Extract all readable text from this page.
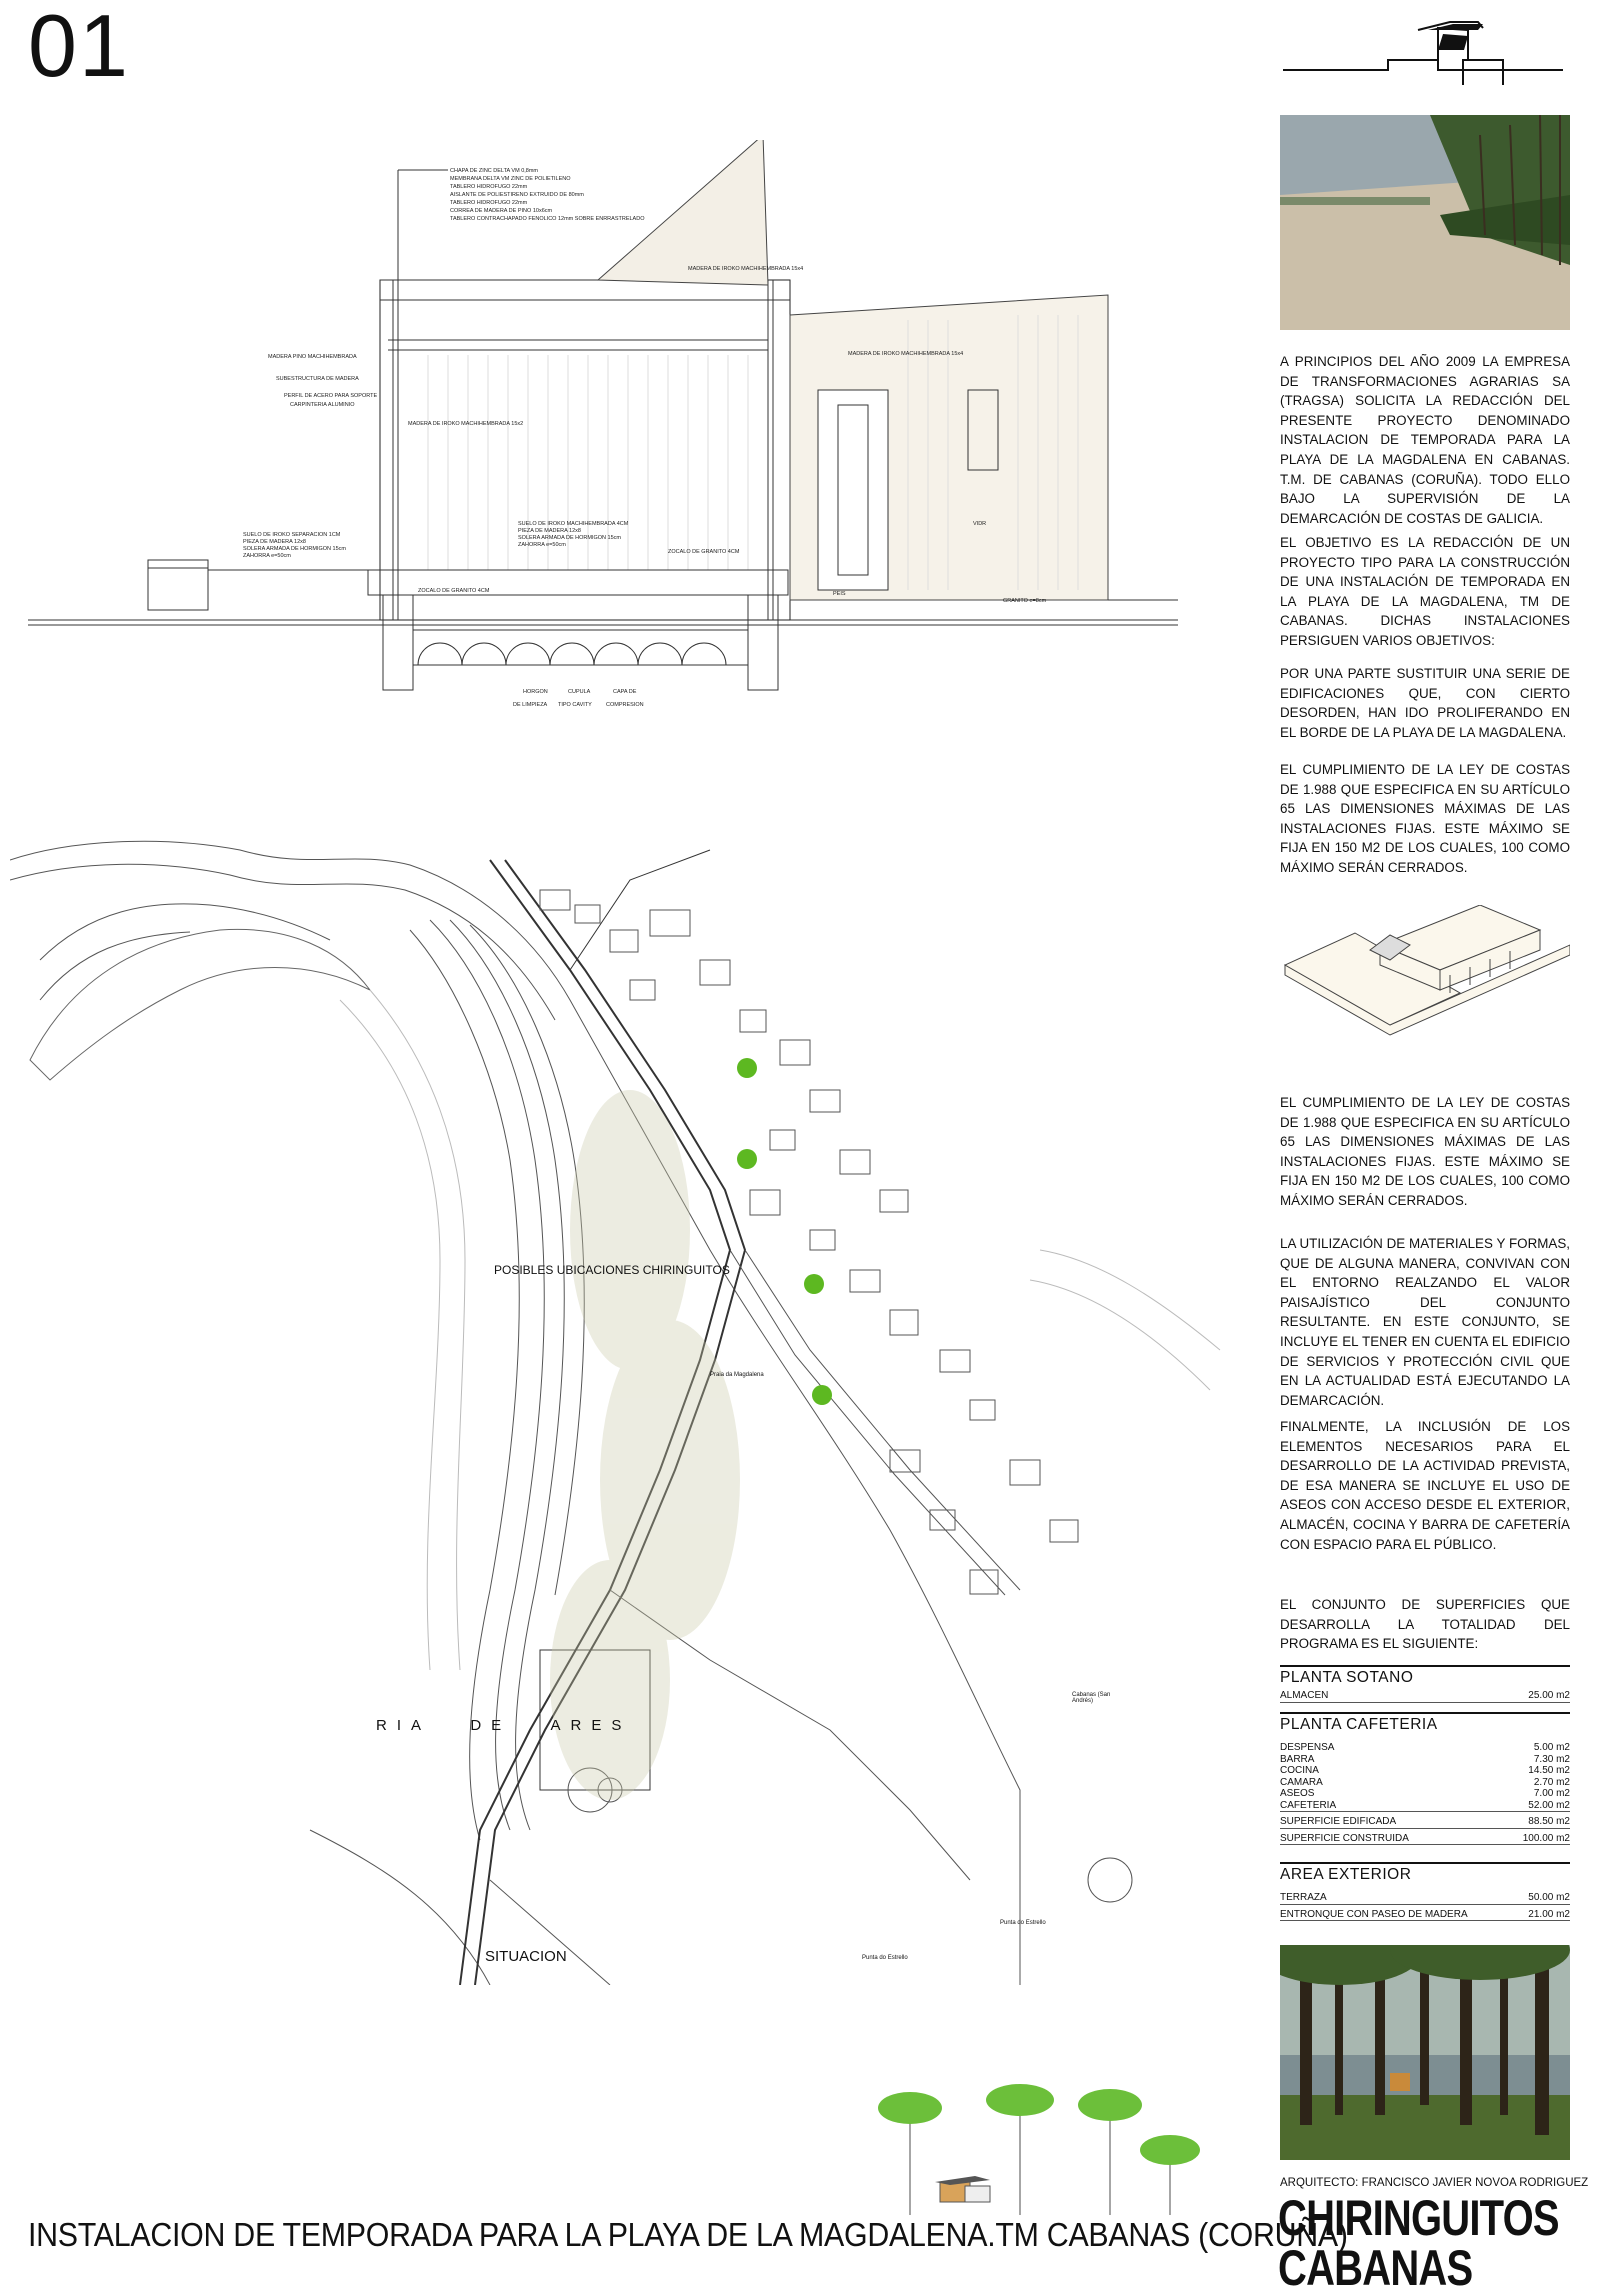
01
CHAPA DE ZINC DELTA VM 0,8mm
MEMBRANA DELTA VM ZINC DE POLIETILENO
TABLERO HIDROFUGO 22mm
AISLANTE DE POLIESTIRENO EXTRUIDO DE 80mm
TABLERO HIDROFUGO 22mm
CORREA DE MADERA DE PINO 10x6cm
TABLERO CONTRACHAPADO FENOLICO 12mm SOBRE ENRRASTRELADO
MADERA DE IROKO MACHIHEMBRADA 15x4
MADERA DE IROKO MACHIHEMBRADA 15x4
MADERA PINO MACHIHEMBRADA
SUBESTRUCTURA DE MADERA
PERFIL DE ACERO PARA SOPORTE
CARPINTERIA ALUMINIO
MADERA DE IROKO MACHIHEMBRADA 15x2
SUELO DE IROKO SEPARACION 1CM
PIEZA DE MADERA 12x8
SOLERA ARMADA DE HORMIGON 15cm
ZAHORRA e=50cm
SUELO DE IROKO MACHIHEMBRADA 4CM
PIEZA DE MADERA 12x8
SOLERA ARMADA DE HORMIGON 15cm
ZAHORRA e=50cm
ZOCALO DE GRANITO 4CM
ZOCALO DE GRANITO 4CM
VIDR
PEIS
GRANITO e=8cm
HORGON
DE LIMPIEZA
CUPULA
TIPO CAVITY
CAPA DE
COMPRESION
POSIBLES UBICACIONES CHIRINGUITOS
RIA DE ARES
SITUACION
Praia da Magdalena
Cabanas (San Andrés)
Punta do Estrello
Punta do Estrello
A PRINCIPIOS DEL AÑO 2009 LA EMPRESA DE TRANSFORMACIONES AGRARIAS SA (TRAGSA) SOLICITA LA REDACCIÓN DEL PRESENTE PROYECTO DENOMINADO INSTALACION DE TEMPORADA PARA LA PLAYA DE LA MAGDALENA EN CABANAS. T.M. DE CABANAS (CORUÑA). TODO ELLO BAJO LA SUPERVISIÓN DE LA DEMARCACIÓN DE COSTAS DE GALICIA.
EL OBJETIVO ES LA REDACCIÓN DE UN PROYECTO TIPO PARA LA CONSTRUCCIÓN DE UNA INSTALACIÓN DE TEMPORADA EN LA PLAYA DE LA MAGDALENA, TM DE CABANAS. DICHAS INSTALACIONES PERSIGUEN VARIOS OBJETIVOS:
POR UNA PARTE SUSTITUIR UNA SERIE DE EDIFICACIONES QUE, CON CIERTO DESORDEN, HAN IDO PROLIFERANDO EN EL BORDE DE LA PLAYA DE LA MAGDALENA.
EL CUMPLIMIENTO DE LA LEY DE COSTAS DE 1.988 QUE ESPECIFICA EN SU ARTÍCULO 65 LAS DIMENSIONES MÁXIMAS DE LAS INSTALACIONES FIJAS. ESTE MÁXIMO SE FIJA EN 150 M2 DE LOS CUALES, 100 COMO MÁXIMO SERÁN CERRADOS.
EL CUMPLIMIENTO DE LA LEY DE COSTAS DE 1.988 QUE ESPECIFICA EN SU ARTÍCULO 65 LAS DIMENSIONES MÁXIMAS DE LAS INSTALACIONES FIJAS. ESTE MÁXIMO SE FIJA EN 150 M2 DE LOS CUALES, 100 COMO MÁXIMO SERÁN CERRADOS.
LA UTILIZACIÓN DE MATERIALES Y FORMAS, QUE DE ALGUNA MANERA, CONVIVAN CON EL ENTORNO REALZANDO EL VALOR PAISAJÍSTICO DEL CONJUNTO RESULTANTE. EN ESTE CONJUNTO, SE INCLUYE EL TENER EN CUENTA EL EDIFICIO DE SERVICIOS Y PROTECCIÓN CIVIL QUE EN LA ACTUALIDAD ESTÁ EJECUTANDO LA DEMARCACIÓN.
FINALMENTE, LA INCLUSIÓN DE LOS ELEMENTOS NECESARIOS PARA EL DESARROLLO DE LA ACTIVIDAD PREVISTA, DE ESA MANERA SE INCLUYE EL USO DE ASEOS CON ACCESO DESDE EL EXTERIOR, ALMACÉN, COCINA Y BARRA DE CAFETERÍA CON ESPACIO PARA EL PÚBLICO.
EL CONJUNTO DE SUPERFICIES QUE DESARROLLA LA TOTALIDAD DEL PROGRAMA ES EL SIGUIENTE:
PLANTA SOTANO
ALMACEN	25.00 m2
PLANTA CAFETERIA
DESPENSA	5.00 m2
BARRA	7.30 m2
COCINA	14.50 m2
CAMARA	2.70 m2
ASEOS	7.00 m2
CAFETERIA	52.00 m2
SUPERFICIE EDIFICADA	88.50 m2
SUPERFICIE CONSTRUIDA	100.00 m2
AREA EXTERIOR
TERRAZA	50.00 m2
ENTRONQUE CON PASEO DE MADERA	21.00 m2
ARQUITECTO: FRANCISCO JAVIER NOVOA RODRIGUEZ
CHIRINGUITOS CABANAS
INSTALACION DE TEMPORADA PARA LA PLAYA DE LA MAGDALENA.TM CABANAS (CORUÑA)
